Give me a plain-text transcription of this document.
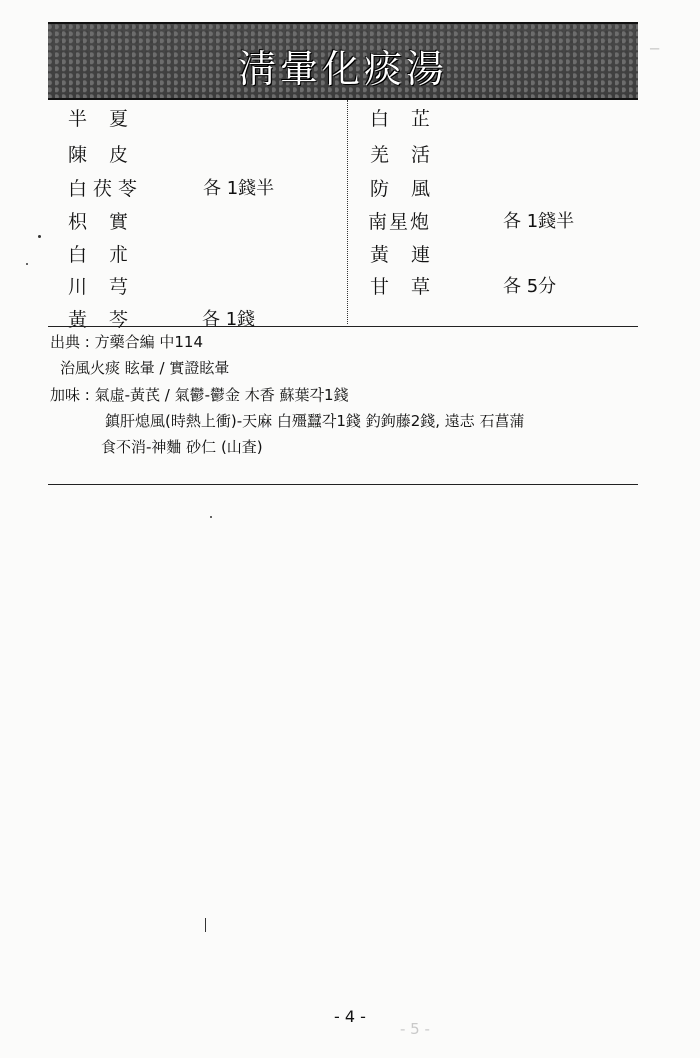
─
- 5 -
淸暈化痰湯
半夏
陳皮
白茯苓	各 1錢半
枳實
白朮
川芎
黃芩	各 1錢
白芷
羌活
防風
南星炮	各 1錢半
黃連
甘草	各 5分
出典 : 方藥合編 中114
治風火痰 眩暈 / 實證眩暈
加味 : 氣虛-黃芪 / 氣鬱-鬱金 木香 蘇葉각1錢
鎮肝熄風(時熱上衝)-天麻 白殭蠶각1錢 釣鉤藤2錢, 遠志 石菖蒲
食不消-神麯 砂仁 (山査)
- 4 -
